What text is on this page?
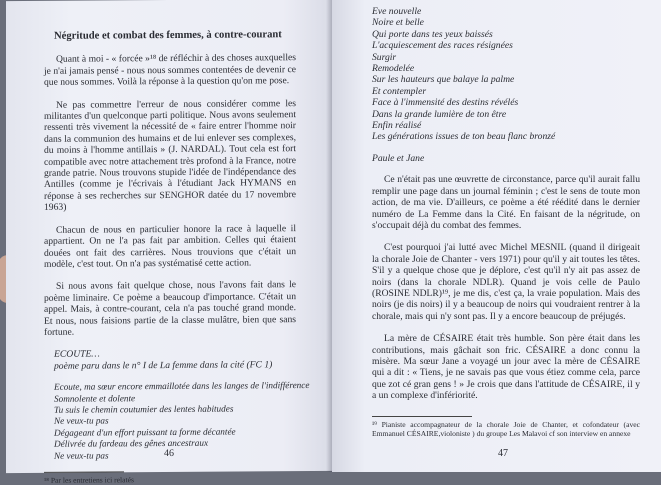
Négritude et combat des femmes, à contre-courant

Quant à moi - « forcée »¹⁸ de réfléchir à des choses auxquelles je n'ai jamais pensé - nous nous sommes contentées de devenir ce que nous sommes. Voilà la réponse à la question qu'on me pose.

Ne pas commettre l'erreur de nous considérer comme les militantes d'un quelconque parti politique. Nous avons seulement ressenti très vivement la nécessité de « faire entrer l'homme noir dans la communion des humains et de lui enlever ses complexes, du moins à l'homme antillais » (J. NARDAL). Tout cela est fort compatible avec notre attachement très profond à la France, notre grande patrie. Nous trouvons stupide l'idée de l'indépendance des Antilles (comme je l'écrivais à l'étudiant Jack HYMANS en réponse à ses recherches sur SENGHOR datée du 17 novembre 1963)

Chacun de nous en particulier honore la race à laquelle il appartient. On ne l'a pas fait par ambition. Celles qui étaient douées ont fait des carrières. Nous trouvions que c'était un modèle, c'est tout. On n'a pas systématisé cette action.

Si nous avons fait quelque chose, nous l'avons fait dans le poème liminaire. Ce poème a beaucoup d'importance. C'était un appel. Mais, à contre-courant, cela n'a pas touché grand monde. Et nous, nous faisions partie de la classe mulâtre, bien que sans fortune.

ECOUTE…
poème paru dans le n° I de La femme dans la cité (FC 1)
Ecoute, ma sœur encore emmaillotée dans les langes de l'indifférence
Somnolente et dolente
Tu suis le chemin coutumier des lentes habitudes
Ne veux-tu pas
Dégageant d'un effort puissant ta forme décantée
Délivrée du fardeau des gênes ancestraux
Ne veux-tu pas
¹⁸ Par les entretiens ici relatés
46
Eve nouvelle
Noire et belle
Qui porte dans tes yeux baissés
L'acquiescement des races résignées
Surgir
Remodelée
Sur les hauteurs que balaye la palme
Et contempler
Face à l'immensité des destins révélés
Dans la grande lumière de ton être
Enfin réalisé
Les générations issues de ton beau flanc bronzé
Paule et Jane

Ce n'était pas une œuvrette de circonstance, parce qu'il aurait fallu remplir une page dans un journal féminin ; c'est le sens de toute mon action, de ma vie. D'ailleurs, ce poème a été réédité dans le dernier numéro de La Femme dans la Cité. En faisant de la négritude, on s'occupait déjà du combat des femmes.

C'est pourquoi j'ai lutté avec Michel MESNIL (quand il dirigeait la chorale Joie de Chanter - vers 1971) pour qu'il y ait toutes les têtes. S'il y a quelque chose que je déplore, c'est qu'il n'y ait pas assez de noirs (dans la chorale NDLR). Quand je vois celle de Paulo (ROSINE NDLR)¹⁹, je me dis, c'est ça, la vraie population. Mais des noirs (je dis noirs) il y a beaucoup de noirs qui voudraient rentrer à la chorale, mais qui n'y sont pas. Il y a encore beaucoup de préjugés.

La mère de CÉSAIRE était très humble. Son père était dans les contributions, mais gâchait son fric. CÉSAIRE a donc connu la misère. Ma sœur Jane a voyagé un jour avec la mère de CÉSAIRE qui a dit : « Tiens, je ne savais pas que vous étiez comme cela, parce que zot cé gran gens ! » Je crois que dans l'attitude de CÉSAIRE, il y a un complexe d'infériorité.

¹⁹ Pianiste accompagnateur de la chorale Joie de Chanter, et cofondateur (avec Emmanuel CÉSAIRE,violoniste ) du groupe Les Malavoi cf son interview en annexe
47
